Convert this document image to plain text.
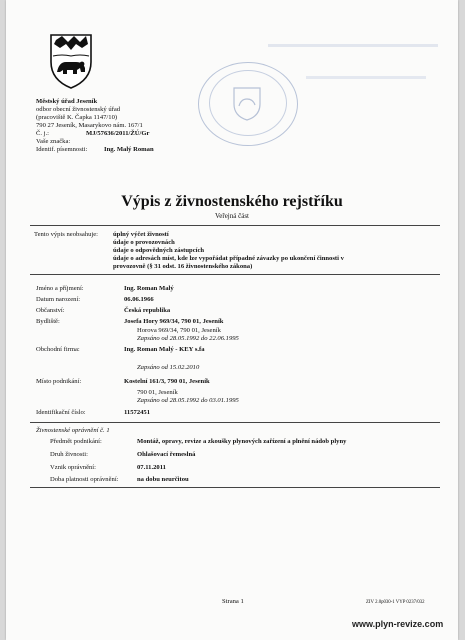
Městský úřad Jeseník
odbor obecní živnostenský úřad
(pracoviště K. Čapka 1147/10)
790 27 Jeseník, Masarykovo nám. 167/1
Č. j.:	MJ/57636/2011/ŽÚ/Gr
Vaše značka:
Identif. písemnosti:	Ing. Malý Roman
Výpis z živnostenského rejstříku
Veřejná část
Tento výpis neobsahuje: úplný výčet živností
údaje o provozovnách
údaje o odpovědných zástupcích
údaje o adresách míst, kde lze vypořádat případné závazky po ukončení činnosti v
provozovně (§ 31 odst. 16 živnostenského zákona)
Jméno a příjmení:	Ing. Roman Malý
Datum narození:	06.06.1966
Občanství:	Česká republika
Bydliště:	Josefa Hory 969/34, 790 01, Jeseník
Horova 969/34, 790 01, Jeseník
Zapsáno od 28.05.1992 do 22.06.1995
Obchodní firma:	Ing. Roman Malý - KEY s.fa
Zapsáno od 15.02.2010
Místo podnikání:	Kostelní 161/3, 790 01, Jeseník
790 01, Jeseník
Zapsáno od 28.05.1992 do 03.01.1995
Identifikační číslo:	11572451
Živnostenské oprávnění č. 1
Předmět podnikání:	Montáž, opravy, revize a zkoušky plynových zařízení a plnění nádob plyny
Druh živnosti:	Ohlašovací řemeslná
Vznik oprávnění:	07.11.2011
Doba platnosti oprávnění:	na dobu neurčitou
Strana 1	ZIV 2.0p030-1 VYP 0237/032
www.plyn-revize.com
